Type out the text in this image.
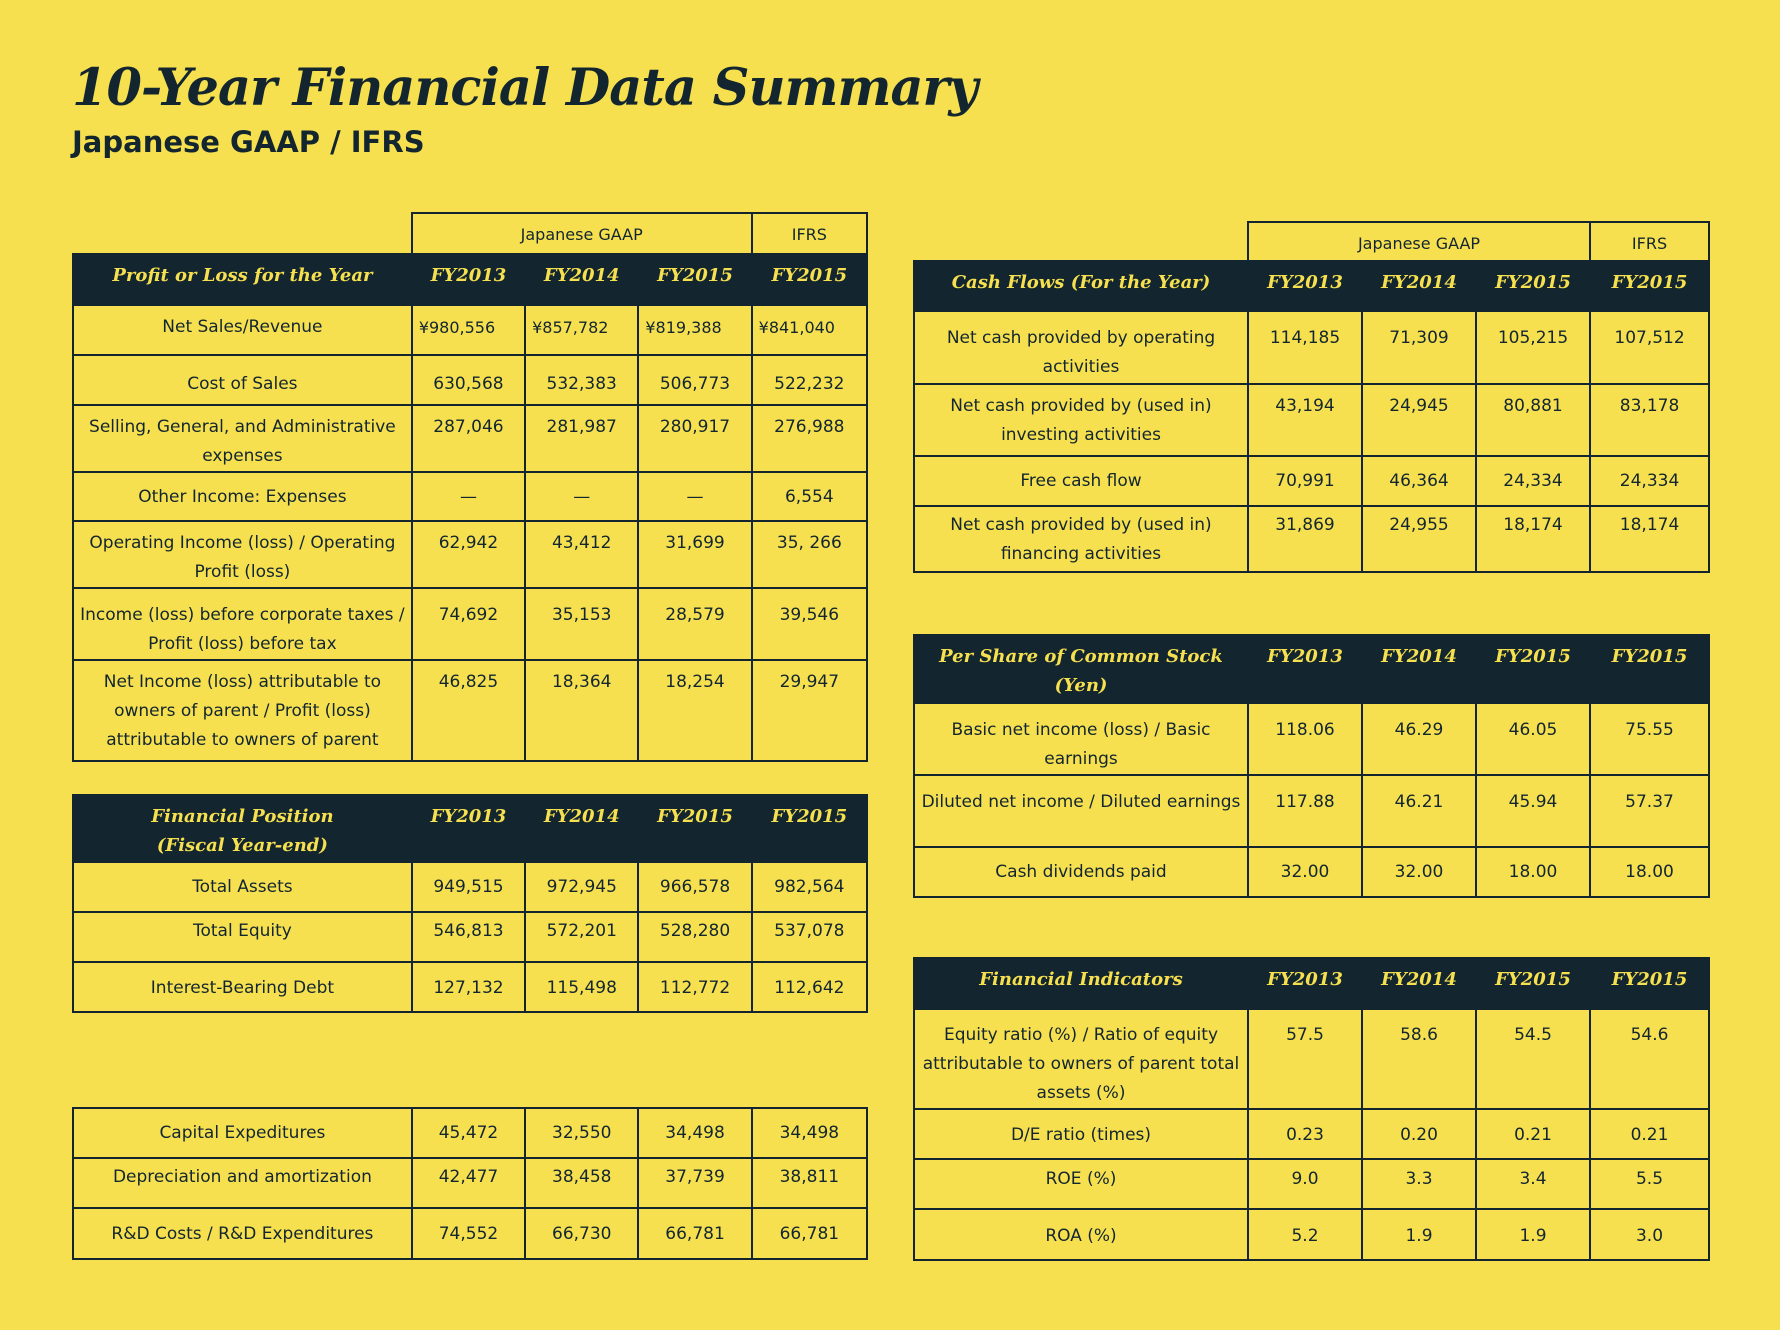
10-Year Financial Data Summary
Japanese GAAP / IFRS
	Japanese GAAP			IFRS
Profit or Loss for the Year	FY2013	FY2014	FY2015	FY2015
Net Sales/Revenue	¥980,556	¥857,782	¥819,388	¥841,040
Cost of Sales	630,568	532,383	506,773	522,232
Selling, General, and Administrative expenses	287,046	281,987	280,917	276,988
Other Income: Expenses	—	—	—	6,554
Operating Income (loss) / Operating Profit (loss)	62,942	43,412	31,699	35, 266
Income (loss) before corporate taxes / Profit (loss) before tax	74,692	35,153	28,579	39,546
Net Income (loss) attributable to owners of parent / Profit (loss) attributable to owners of parent	46,825	18,364	18,254	29,947
Financial Position
(Fiscal Year-end)	FY2013	FY2014	FY2015	FY2015
Total Assets	949,515	972,945	966,578	982,564
Total Equity	546,813	572,201	528,280	537,078
Interest-Bearing Debt	127,132	115,498	112,772	112,642
Capital Expeditures	45,472	32,550	34,498	34,498
Depreciation and amortization	42,477	38,458	37,739	38,811
R&D Costs / R&D Expenditures	74,552	66,730	66,781	66,781
	Japanese GAAP			IFRS
Cash Flows (For the Year)	FY2013	FY2014	FY2015	FY2015
Net cash provided by operating activities	114,185	71,309	105,215	107,512
Net cash provided by (used in) investing activities	43,194	24,945	80,881	83,178
Free cash flow	70,991	46,364	24,334	24,334
Net cash provided by (used in) financing activities	31,869	24,955	18,174	18,174
Per Share of Common Stock (Yen)	FY2013	FY2014	FY2015	FY2015
Basic net income (loss) / Basic earnings	118.06	46.29	46.05	75.55
Diluted net income / Diluted earnings	117.88	46.21	45.94	57.37
Cash dividends paid	32.00	32.00	18.00	18.00
Financial Indicators	FY2013	FY2014	FY2015	FY2015
Equity ratio (%) / Ratio of equity attributable to owners of parent total assets (%)	57.5	58.6	54.5	54.6
D/E ratio (times)	0.23	0.20	0.21	0.21
ROE (%)	9.0	3.3	3.4	5.5
ROA (%)	5.2	1.9	1.9	3.0
